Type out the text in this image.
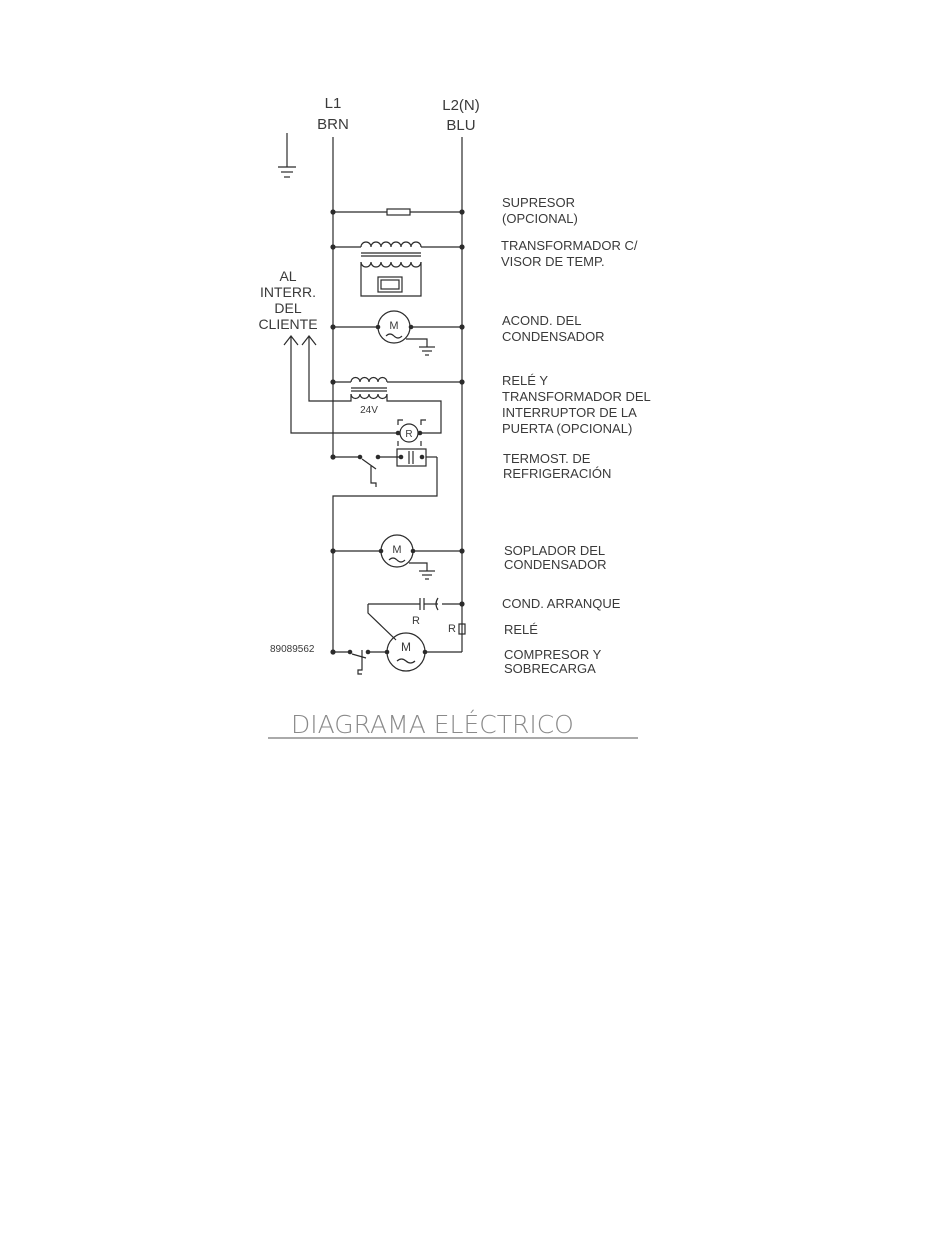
L1
BRN
L2(N)
BLU
AL
INTERR.
DEL
CLIENTE	M
24V
R
M
R
R
M
89089562
SUPRESOR
(OPCIONAL)
TRANSFORMADOR C/
VISOR DE TEMP.
ACOND. DEL
CONDENSADOR
RELÉ Y
TRANSFORMADOR DEL
INTERRUPTOR DE LA
PUERTA (OPCIONAL)
TERMOST. DE
REFRIGERACIÓN
SOPLADOR DEL
CONDENSADOR
COND. ARRANQUE
RELÉ
COMPRESOR Y
SOBRECARGA
DIAGRAMA ELÉCTRICO
